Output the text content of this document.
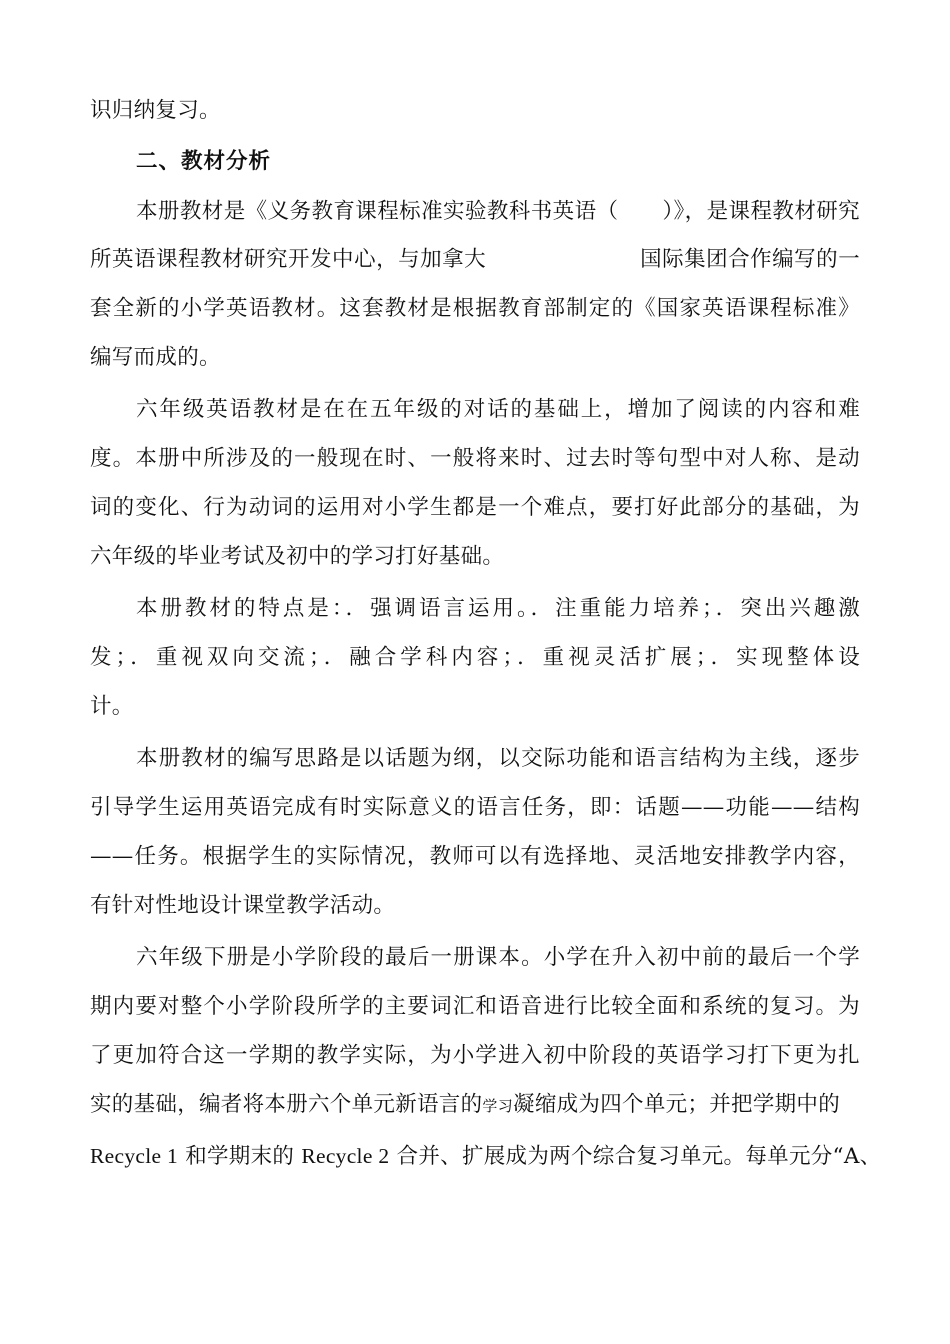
识归纳复习。
二、教材分析
本册教材是《义务教育课程标准实验教科书英语（　　）》，是课程教材研究
所英语课程教材研究开发中心，与加拿大　　　　　　　国际集团合作编写的一
套全新的小学英语教材。这套教材是根据教育部制定的《国家英语课程标准》
编写而成的。
六年级英语教材是在在五年级的对话的基础上，增加了阅读的内容和难
度。本册中所涉及的一般现在时、一般将来时、过去时等句型中对人称、是动
词的变化、行为动词的运用对小学生都是一个难点，要打好此部分的基础，为
六年级的毕业考试及初中的学习打好基础。
本册教材的特点是：．强调语言运用。．注重能力培养；．突出兴趣激
发；．重视双向交流；．融合学科内容；．重视灵活扩展；．实现整体设
计。
本册教材的编写思路是以话题为纲，以交际功能和语言结构为主线，逐步
引导学生运用英语完成有时实际意义的语言任务，即：话题——功能——结构
——任务。根据学生的实际情况，教师可以有选择地、灵活地安排教学内容，
有针对性地设计课堂教学活动。
六年级下册是小学阶段的最后一册课本。小学在升入初中前的最后一个学
期内要对整个小学阶段所学的主要词汇和语音进行比较全面和系统的复习。为
了更加符合这一学期的教学实际，为小学进入初中阶段的英语学习打下更为扎
实的基础，编者将本册六个单元新语言的学习凝缩成为四个单元；并把学期中的
Recycle 1 和学期末的 Recycle 2 合并、扩展成为两个综合复习单元。每单元分“A、
